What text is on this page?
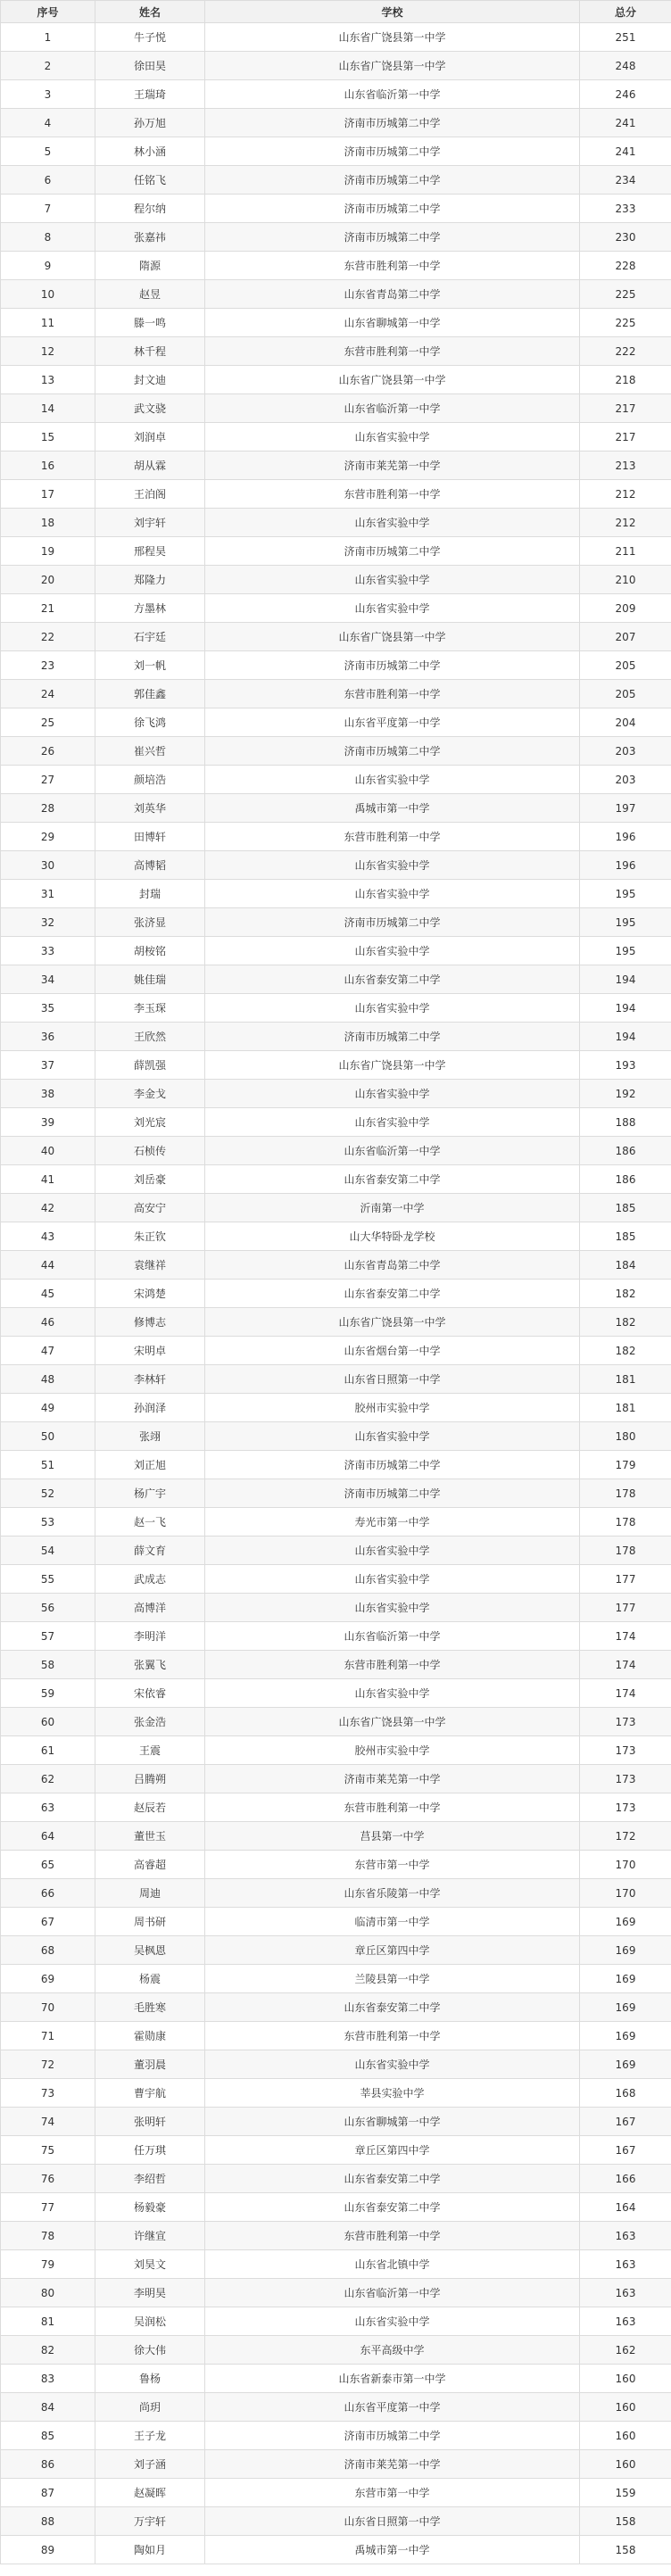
序号	姓名	学校	总分
1	牛子悦	山东省广饶县第一中学	251
2	徐田昊	山东省广饶县第一中学	248
3	王瑞琦	山东省临沂第一中学	246
4	孙万旭	济南市历城第二中学	241
5	林小涵	济南市历城第二中学	241
6	任铭飞	济南市历城第二中学	234
7	程尔纳	济南市历城第二中学	233
8	张嘉祎	济南市历城第二中学	230
9	隋源	东营市胜利第一中学	228
10	赵昱	山东省青岛第二中学	225
11	滕一鸣	山东省聊城第一中学	225
12	林千程	东营市胜利第一中学	222
13	封文迪	山东省广饶县第一中学	218
14	武文骁	山东省临沂第一中学	217
15	刘润卓	山东省实验中学	217
16	胡从霖	济南市莱芜第一中学	213
17	王泊阁	东营市胜利第一中学	212
18	刘宇轩	山东省实验中学	212
19	邢程昊	济南市历城第二中学	211
20	郑隆力	山东省实验中学	210
21	方墨林	山东省实验中学	209
22	石宇廷	山东省广饶县第一中学	207
23	刘一帆	济南市历城第二中学	205
24	郭佳鑫	东营市胜利第一中学	205
25	徐飞鸿	山东省平度第一中学	204
26	崔兴哲	济南市历城第二中学	203
27	颜培浩	山东省实验中学	203
28	刘英华	禹城市第一中学	197
29	田博轩	东营市胜利第一中学	196
30	高博韬	山东省实验中学	196
31	封瑞	山东省实验中学	195
32	张济显	济南市历城第二中学	195
33	胡桉铭	山东省实验中学	195
34	姚佳瑞	山东省泰安第二中学	194
35	李玉琛	山东省实验中学	194
36	王欣然	济南市历城第二中学	194
37	薛凯强	山东省广饶县第一中学	193
38	李金戈	山东省实验中学	192
39	刘光宸	山东省实验中学	188
40	石桢传	山东省临沂第一中学	186
41	刘岳豪	山东省泰安第二中学	186
42	高安宁	沂南第一中学	185
43	朱正钦	山大华特卧龙学校	185
44	袁继祥	山东省青岛第二中学	184
45	宋鸿楚	山东省泰安第二中学	182
46	修博志	山东省广饶县第一中学	182
47	宋明卓	山东省烟台第一中学	182
48	李林轩	山东省日照第一中学	181
49	孙润泽	胶州市实验中学	181
50	张翊	山东省实验中学	180
51	刘正旭	济南市历城第二中学	179
52	杨广宇	济南市历城第二中学	178
53	赵一飞	寿光市第一中学	178
54	薛文育	山东省实验中学	178
55	武成志	山东省实验中学	177
56	高博洋	山东省实验中学	177
57	李明洋	山东省临沂第一中学	174
58	张翼飞	东营市胜利第一中学	174
59	宋依睿	山东省实验中学	174
60	张金浩	山东省广饶县第一中学	173
61	王震	胶州市实验中学	173
62	吕腾朔	济南市莱芜第一中学	173
63	赵辰若	东营市胜利第一中学	173
64	董世玉	莒县第一中学	172
65	高睿超	东营市第一中学	170
66	周迪	山东省乐陵第一中学	170
67	周书研	临清市第一中学	169
68	吴枫恩	章丘区第四中学	169
69	杨震	兰陵县第一中学	169
70	毛胜寒	山东省泰安第二中学	169
71	霍勋康	东营市胜利第一中学	169
72	董羽晨	山东省实验中学	169
73	曹宇航	莘县实验中学	168
74	张明轩	山东省聊城第一中学	167
75	任万琪	章丘区第四中学	167
76	李绍哲	山东省泰安第二中学	166
77	杨毅豪	山东省泰安第二中学	164
78	许继宣	东营市胜利第一中学	163
79	刘昊文	山东省北镇中学	163
80	李明昊	山东省临沂第一中学	163
81	吴润松	山东省实验中学	163
82	徐大伟	东平高级中学	162
83	鲁杨	山东省新泰市第一中学	160
84	尚玥	山东省平度第一中学	160
85	王子龙	济南市历城第二中学	160
86	刘子涵	济南市莱芜第一中学	160
87	赵凝晖	东营市第一中学	159
88	万宇轩	山东省日照第一中学	158
89	陶如月	禹城市第一中学	158
